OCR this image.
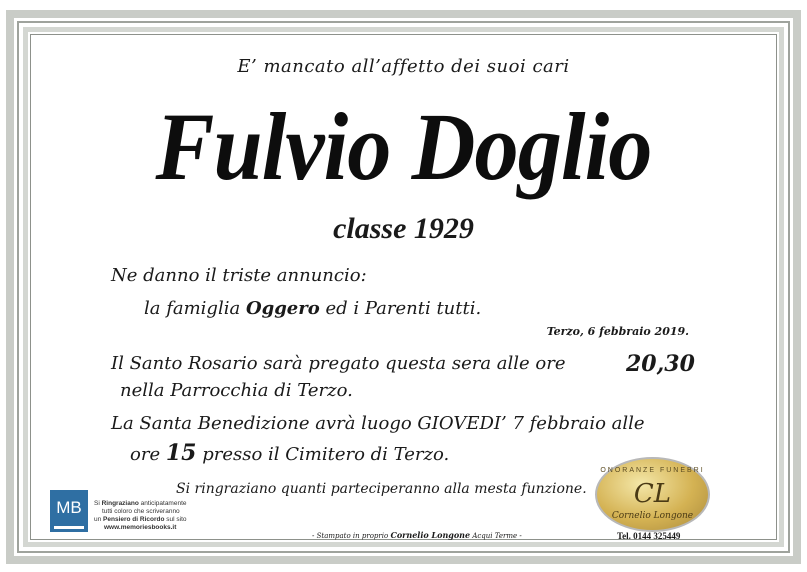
E’ mancato all’affetto dei suoi cari
Fulvio Doglio
classe 1929
Ne danno il triste annuncio:
la famiglia Oggero ed i Parenti tutti.
Terzo, 6 febbraio 2019.
Il Santo Rosario sarà pregato questa sera alle ore	20,30
nella Parrocchia di Terzo.
La Santa Benedizione avrà luogo GIOVEDI’ 7 febbraio alle
ore 15 presso il Cimitero di Terzo.
Si ringraziano quanti parteciperanno alla mesta funzione.
MB	Si Ringraziano anticipatamente
tutti coloro che scriveranno
un Pensiero di Ricordo sul sito
www.memoriesbooks.it
- Stampato in proprio Cornelio Longone Acqui Terme -
ONORANZE FUNEBRI
CL
Cornelio Longone
Tel. 0144 325449
